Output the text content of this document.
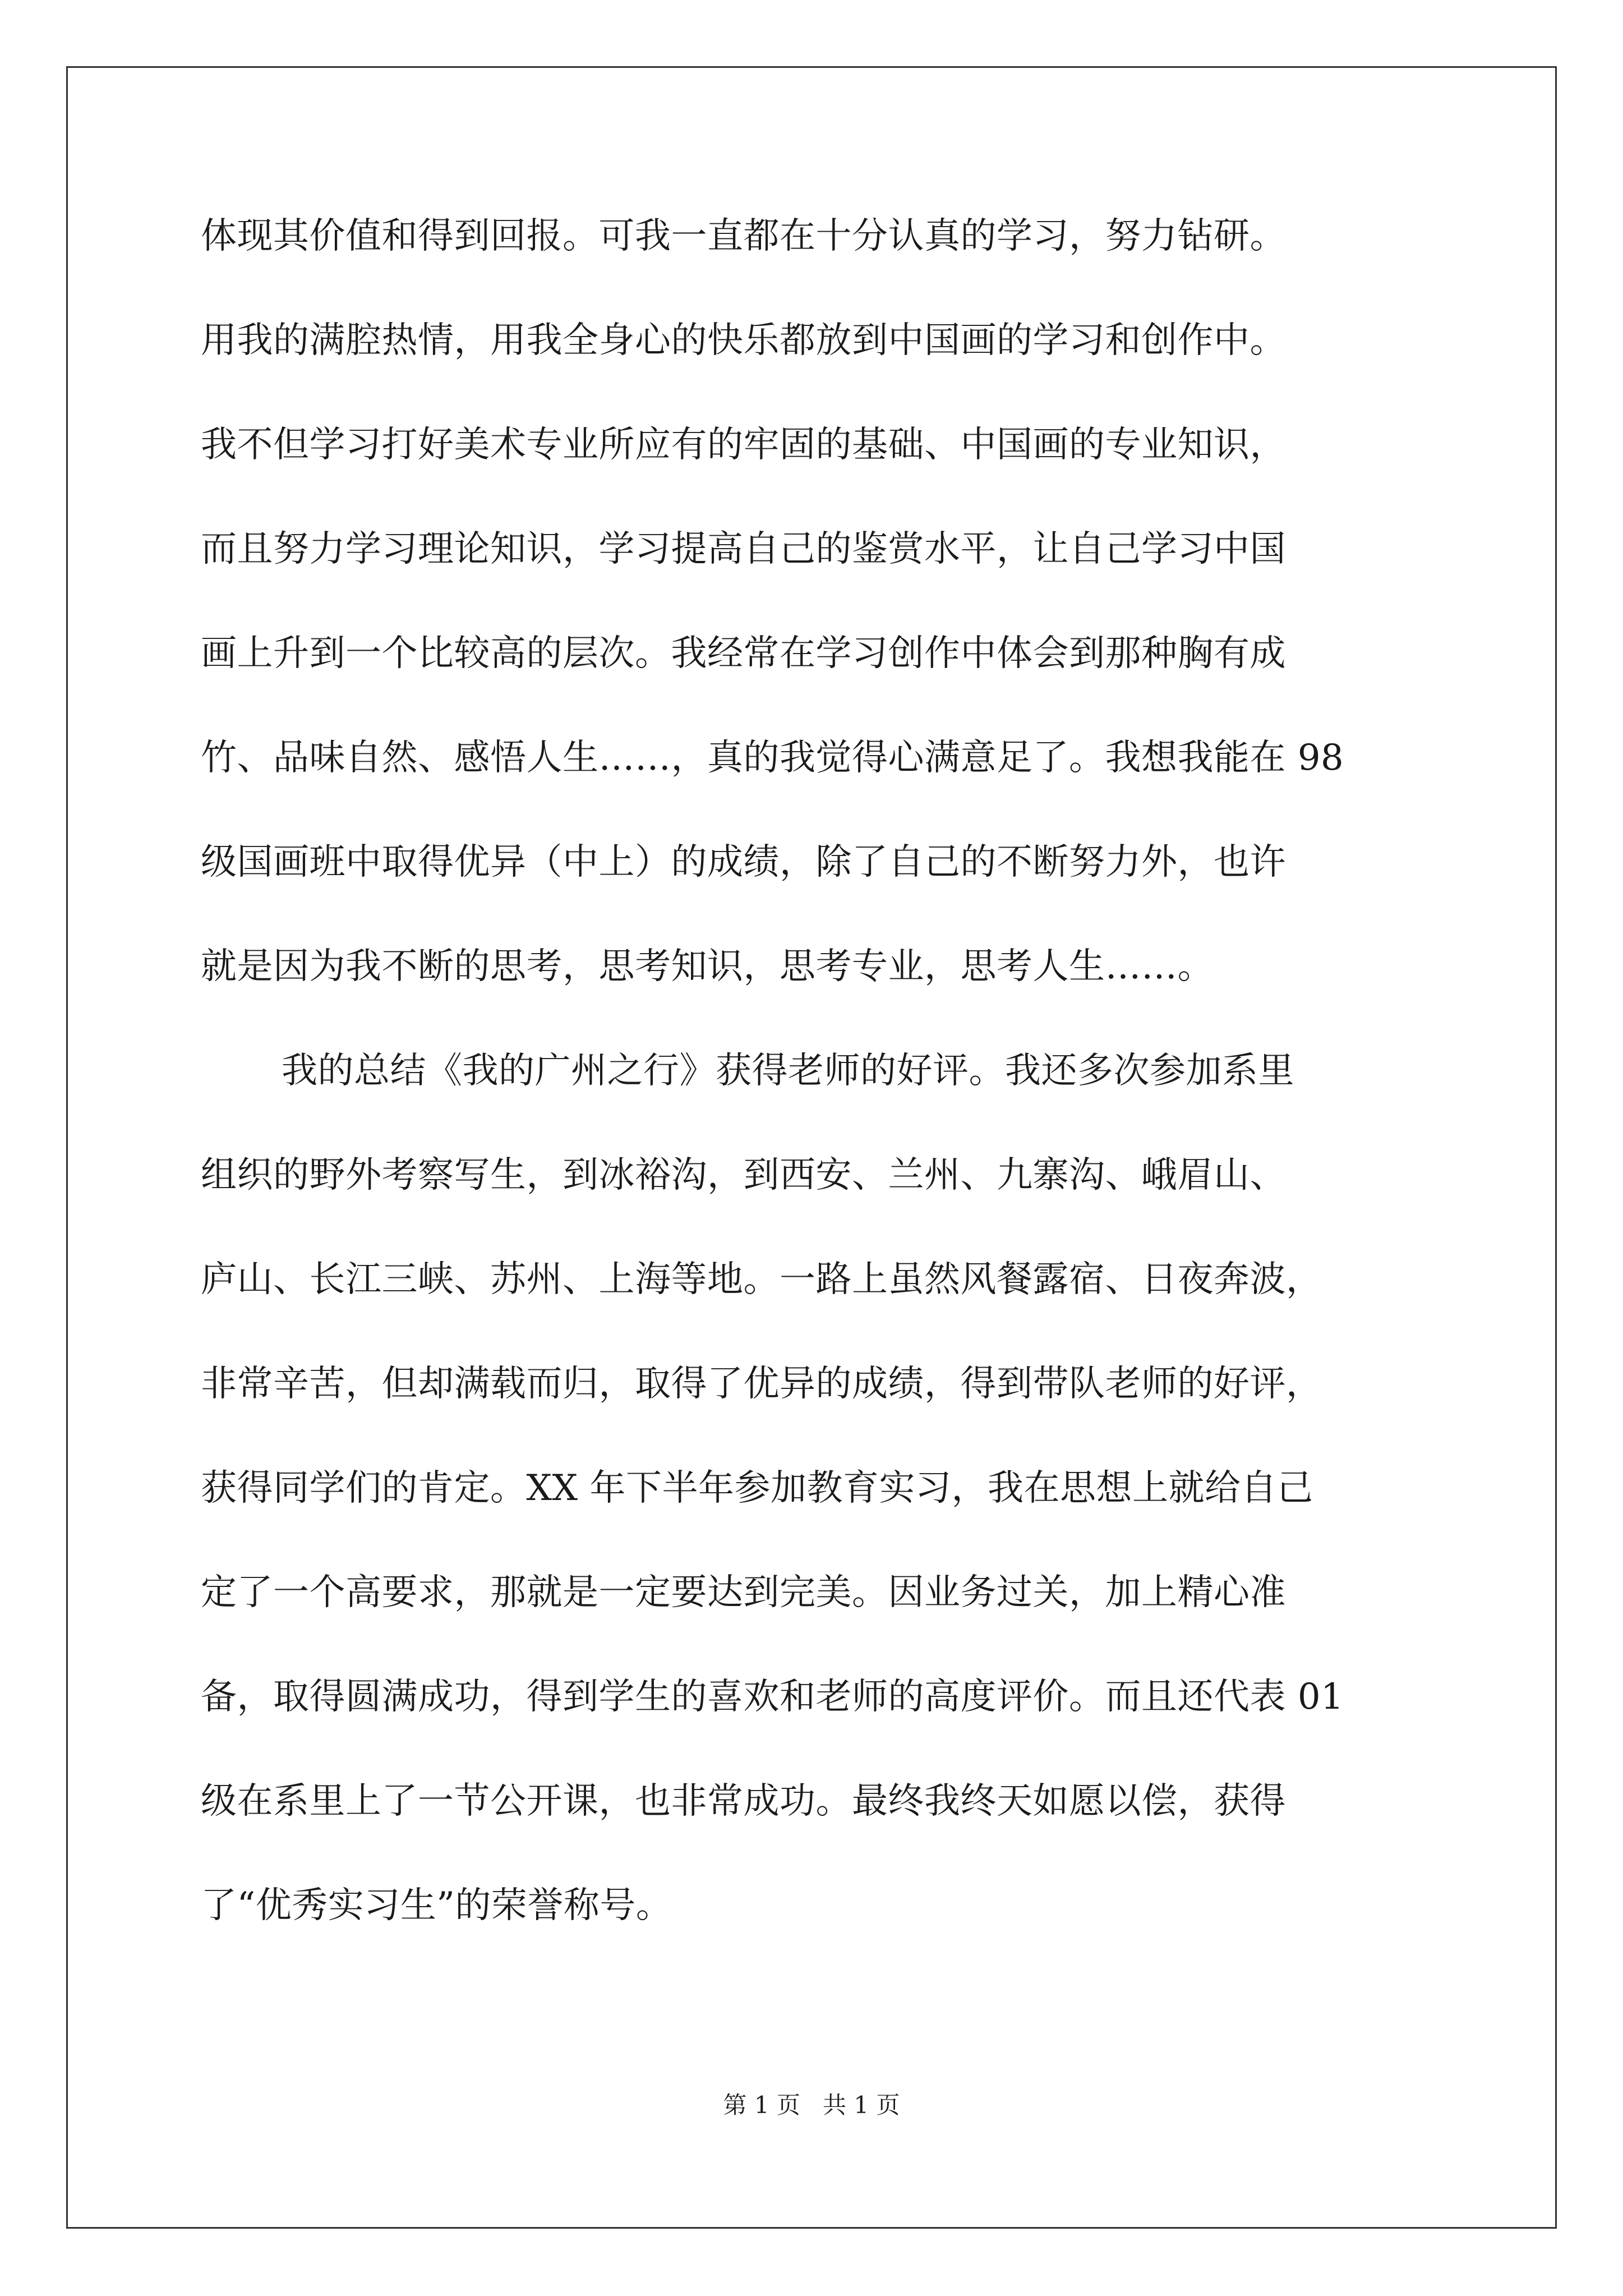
体现其价值和得到回报。可我一直都在十分认真的学习，努力钻研。
用我的满腔热情，用我全身心的快乐都放到中国画的学习和创作中。
我不但学习打好美术专业所应有的牢固的基础、中国画的专业知识，
而且努力学习理论知识，学习提高自己的鉴赏水平，让自己学习中国
画上升到一个比较高的层次。我经常在学习创作中体会到那种胸有成
竹、品味自然、感悟人生……，真的我觉得心满意足了。我想我能在 98
级国画班中取得优异（中上）的成绩，除了自己的不断努力外，也许
就是因为我不断的思考，思考知识，思考专业，思考人生……。
我的总结《我的广州之行》获得老师的好评。我还多次参加系里
组织的野外考察写生，到冰裕沟，到西安、兰州、九寨沟、峨眉山、
庐山、长江三峡、苏州、上海等地。一路上虽然风餐露宿、日夜奔波，
非常辛苦，但却满载而归，取得了优异的成绩，得到带队老师的好评，
获得同学们的肯定。XX 年下半年参加教育实习，我在思想上就给自己
定了一个高要求，那就是一定要达到完美。因业务过关，加上精心准
备，取得圆满成功，得到学生的喜欢和老师的高度评价。而且还代表 01
级在系里上了一节公开课，也非常成功。最终我终天如愿以偿，获得
了“优秀实习生”的荣誉称号。
第 1 页   共 1 页
